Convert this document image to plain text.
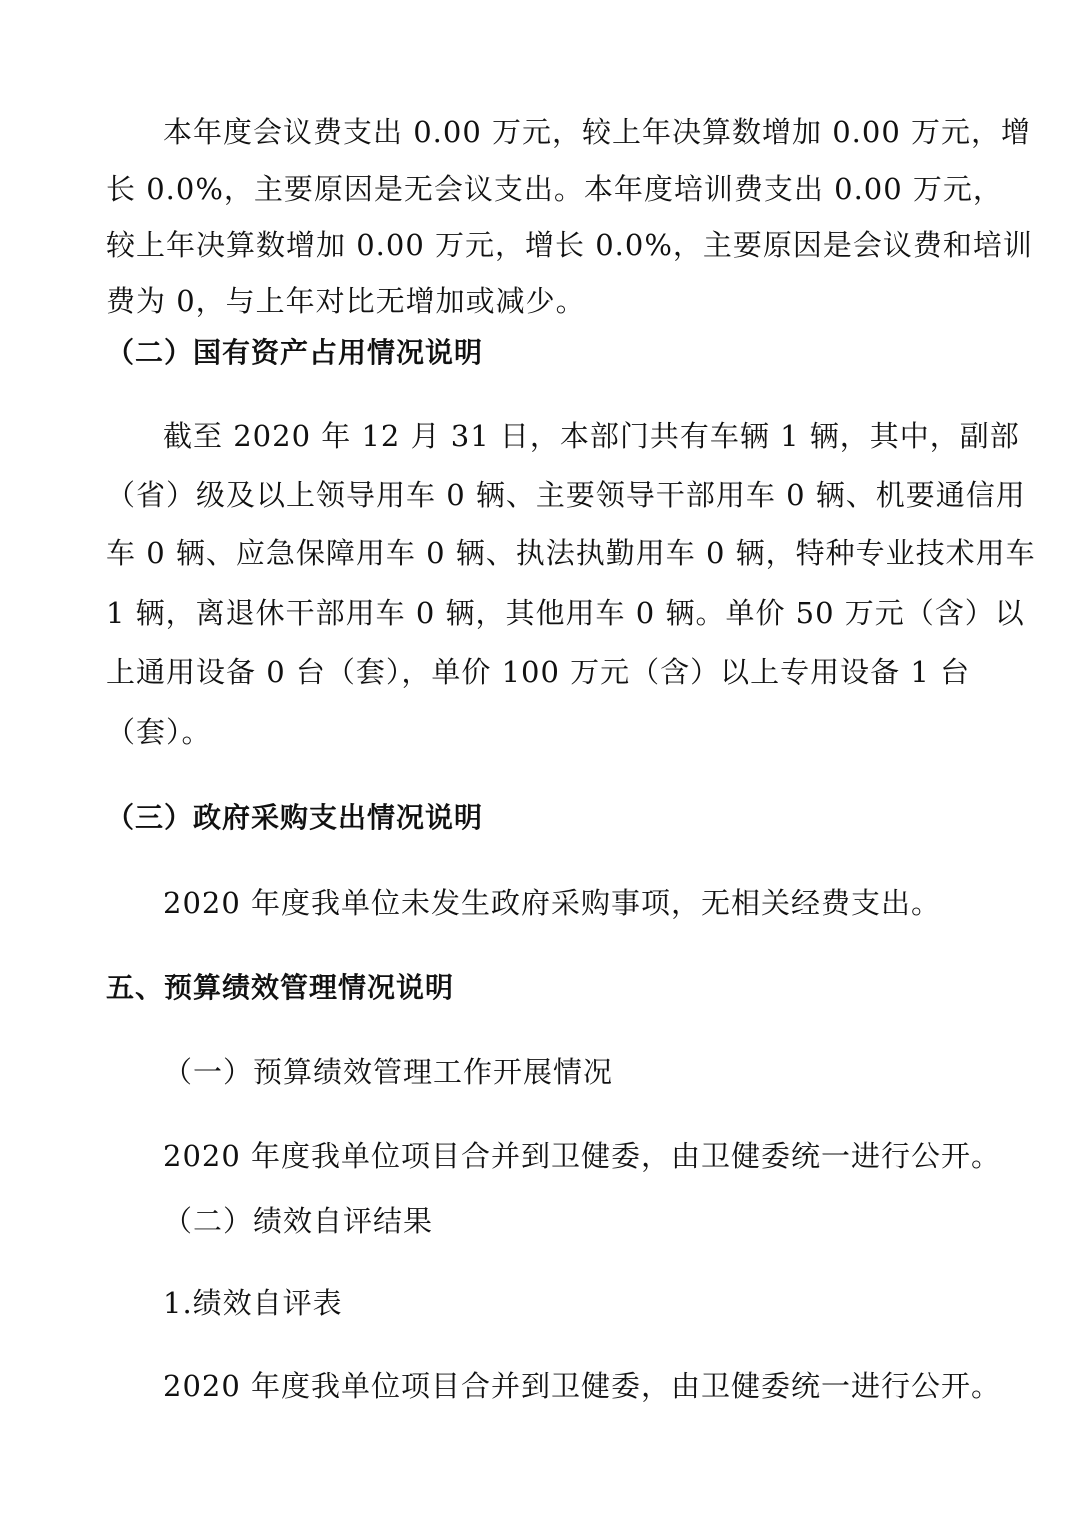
本年度会议费支出 0.00 万元，较上年决算数增加 0.00 万元，增
长 0.0%，主要原因是无会议支出。本年度培训费支出 0.00 万元，
较上年决算数增加 0.00 万元，增长 0.0%，主要原因是会议费和培训
费为 0，与上年对比无增加或减少。
（二）国有资产占用情况说明
截至 2020 年 12 月 31 日，本部门共有车辆 1 辆，其中，副部
（省）级及以上领导用车 0 辆、主要领导干部用车 0 辆、机要通信用
车 0 辆、应急保障用车 0 辆、执法执勤用车 0 辆，特种专业技术用车
1 辆，离退休干部用车 0 辆，其他用车 0 辆。单价 50 万元（含）以
上通用设备 0 台（套），单价 100 万元（含）以上专用设备 1 台
（套）。
（三）政府采购支出情况说明
2020 年度我单位未发生政府采购事项，无相关经费支出。
五、预算绩效管理情况说明
（一）预算绩效管理工作开展情况
2020 年度我单位项目合并到卫健委，由卫健委统一进行公开。
（二）绩效自评结果
1.绩效自评表
2020 年度我单位项目合并到卫健委，由卫健委统一进行公开。
